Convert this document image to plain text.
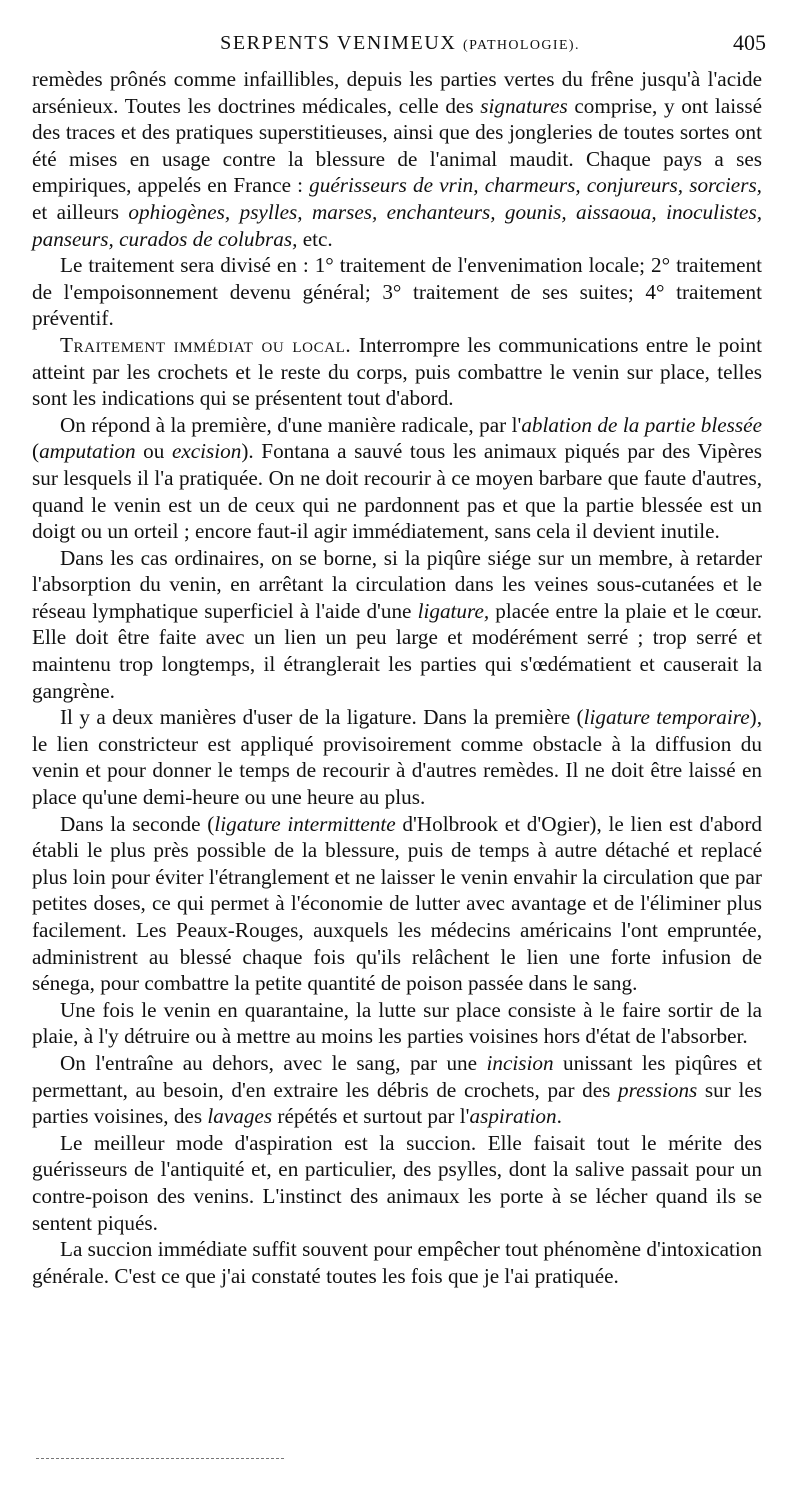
SERPENTS VENIMEUX (PATHOLOGIE).	405

remèdes prônés comme infaillibles, depuis les parties vertes du frêne jusqu'à l'acide arsénieux. Toutes les doctrines médicales, celle des signatures comprise, y ont laissé des traces et des pratiques superstitieuses, ainsi que des jongleries de toutes sortes ont été mises en usage contre la blessure de l'animal maudit. Chaque pays a ses empiriques, appelés en France : guérisseurs de vrin, charmeurs, conjureurs, sorciers, et ailleurs ophiogènes, psylles, marses, enchanteurs, gounis, aissaoua, inoculistes, panseurs, curados de colubras, etc.

Le traitement sera divisé en : 1° traitement de l'envenimation locale; 2° traitement de l'empoisonnement devenu général; 3° traitement de ses suites; 4° traitement préventif.

Traitement immédiat ou local. Interrompre les communications entre le point atteint par les crochets et le reste du corps, puis combattre le venin sur place, telles sont les indications qui se présentent tout d'abord.

On répond à la première, d'une manière radicale, par l'ablation de la partie blessée (amputation ou excision). Fontana a sauvé tous les animaux piqués par des Vipères sur lesquels il l'a pratiquée. On ne doit recourir à ce moyen barbare que faute d'autres, quand le venin est un de ceux qui ne pardonnent pas et que la partie blessée est un doigt ou un orteil ; encore faut-il agir immédiatement, sans cela il devient inutile.

Dans les cas ordinaires, on se borne, si la piqûre siége sur un membre, à retarder l'absorption du venin, en arrêtant la circulation dans les veines sous-cutanées et le réseau lymphatique superficiel à l'aide d'une ligature, placée entre la plaie et le cœur. Elle doit être faite avec un lien un peu large et modérément serré ; trop serré et maintenu trop longtemps, il étranglerait les parties qui s'œdématient et causerait la gangrène.

Il y a deux manières d'user de la ligature. Dans la première (ligature temporaire), le lien constricteur est appliqué provisoirement comme obstacle à la diffusion du venin et pour donner le temps de recourir à d'autres remèdes. Il ne doit être laissé en place qu'une demi-heure ou une heure au plus.

Dans la seconde (ligature intermittente d'Holbrook et d'Ogier), le lien est d'abord établi le plus près possible de la blessure, puis de temps à autre détaché et replacé plus loin pour éviter l'étranglement et ne laisser le venin envahir la circulation que par petites doses, ce qui permet à l'économie de lutter avec avantage et de l'éliminer plus facilement. Les Peaux-Rouges, auxquels les médecins américains l'ont empruntée, administrent au blessé chaque fois qu'ils relâchent le lien une forte infusion de sénega, pour combattre la petite quantité de poison passée dans le sang.

Une fois le venin en quarantaine, la lutte sur place consiste à le faire sortir de la plaie, à l'y détruire ou à mettre au moins les parties voisines hors d'état de l'absorber.

On l'entraîne au dehors, avec le sang, par une incision unissant les piqûres et permettant, au besoin, d'en extraire les débris de crochets, par des pressions sur les parties voisines, des lavages répétés et surtout par l'aspiration.

Le meilleur mode d'aspiration est la succion. Elle faisait tout le mérite des guérisseurs de l'antiquité et, en particulier, des psylles, dont la salive passait pour un contre-poison des venins. L'instinct des animaux les porte à se lécher quand ils se sentent piqués.

La succion immédiate suffit souvent pour empêcher tout phénomène d'intoxication générale. C'est ce que j'ai constaté toutes les fois que je l'ai pratiquée.
